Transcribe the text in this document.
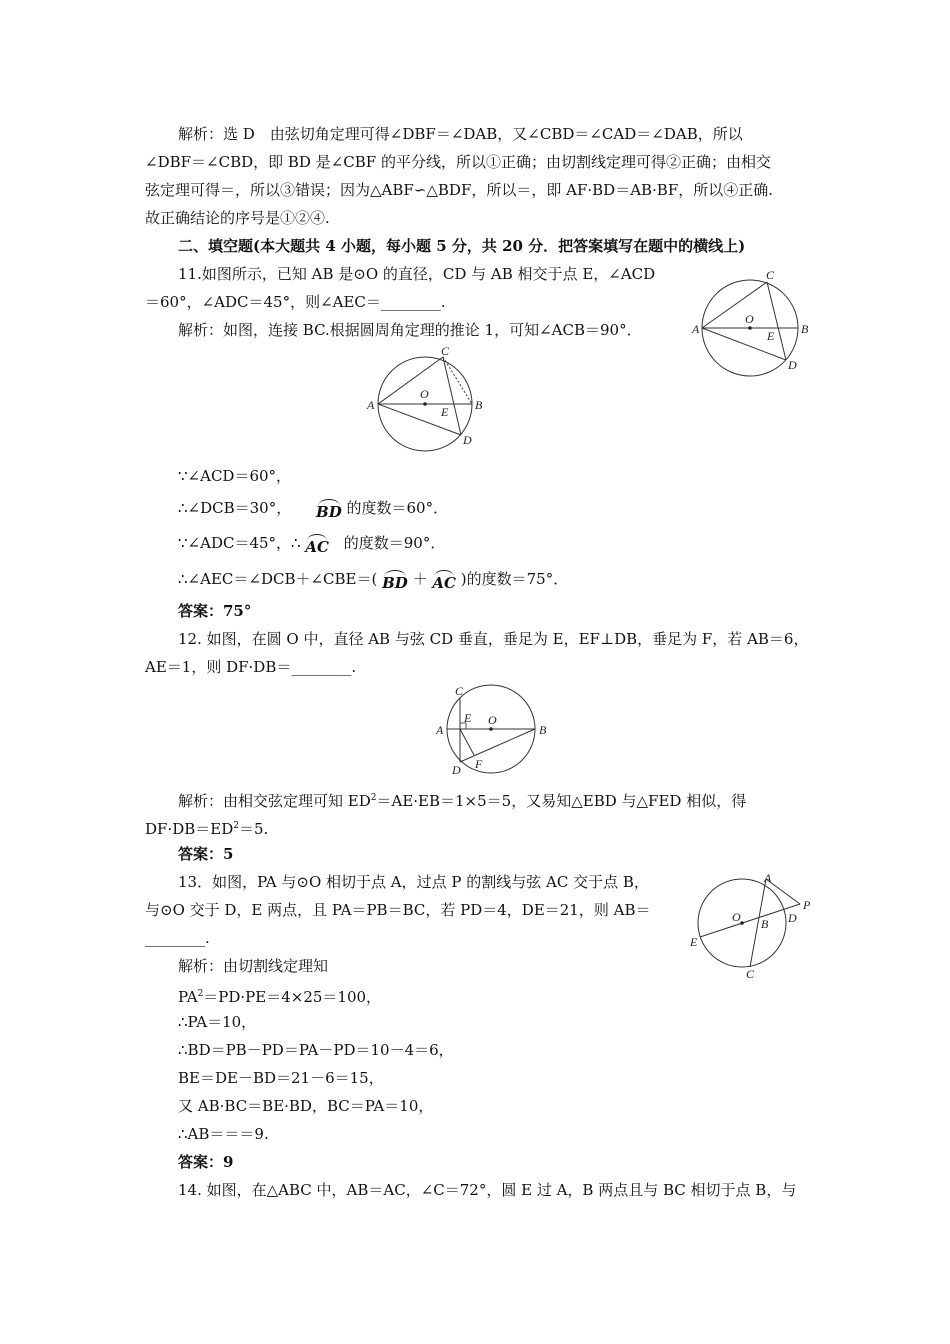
解析：选 D　由弦切角定理可得∠DBF＝∠DAB，又∠CBD＝∠CAD＝∠DAB，所以
∠DBF＝∠CBD，即 BD 是∠CBF 的平分线，所以①正确；由切割线定理可得②正确；由相交
弦定理可得＝，所以③错误；因为△ABF∽△BDF，所以＝，即 AF·BD＝AB·BF，所以④正确.
故正确结论的序号是①②④.
二、填空题(本大题共 4 小题，每小题 5 分，共 20 分．把答案填写在题中的横线上)
11.如图所示，已知 AB 是⊙O 的直径，CD 与 AB 相交于点 E，∠ACD
＝60°，∠ADC＝45°，则∠AEC＝________.
解析：如图，连接 BC.根据圆周角定理的推论 1，可知∠ACB＝90°．	A	B
C
D
E
O
A	B
C
D
E
O
∵∠ACD＝60°，
∴∠DCB＝30°， BD 的度数＝60°．
∵∠ADC＝45°，∴ AC 的度数＝90°．
∴∠AEC＝∠DCB＋∠CBE＝( BD ＋ AC )的度数＝75°．
答案：75°
12. 如图，在圆 O 中，直径 AB 与弦 CD 垂直，垂足为 E，EF⊥DB，垂足为 F，若 AB＝6，
AE＝1，则 DF·DB＝________.
A	B
C
D
E
F
O
解析：由相交弦定理可知 $ED^2=AE\cdot EB=1\times 5=5$，又易知△EBD 与△FED 相似，得
$DF\cdot DB=ED^2=5$.
答案：5
13．如图，PA 与⊙O 相切于点 A，过点 P 的割线与弦 AC 交于点 B，
与⊙O 交于 D，E 两点，且 PA＝PB＝BC，若 PD＝4，DE＝21，则 AB＝
________.
A
B
C
D
E
P
O
解析：由切割线定理知
$PA^2=PD\cdot PE=4\times 25=100$，
∴PA＝10，
∴BD＝PB－PD＝PA－PD＝10－4＝6，
BE＝DE－BD＝21－6＝15，
又 AB·BC＝BE·BD，BC＝PA＝10，
∴AB＝＝＝9.
答案：9
14. 如图，在△ABC 中，AB＝AC，∠C＝72°，圆 E 过 A，B 两点且与 BC 相切于点 B，与
